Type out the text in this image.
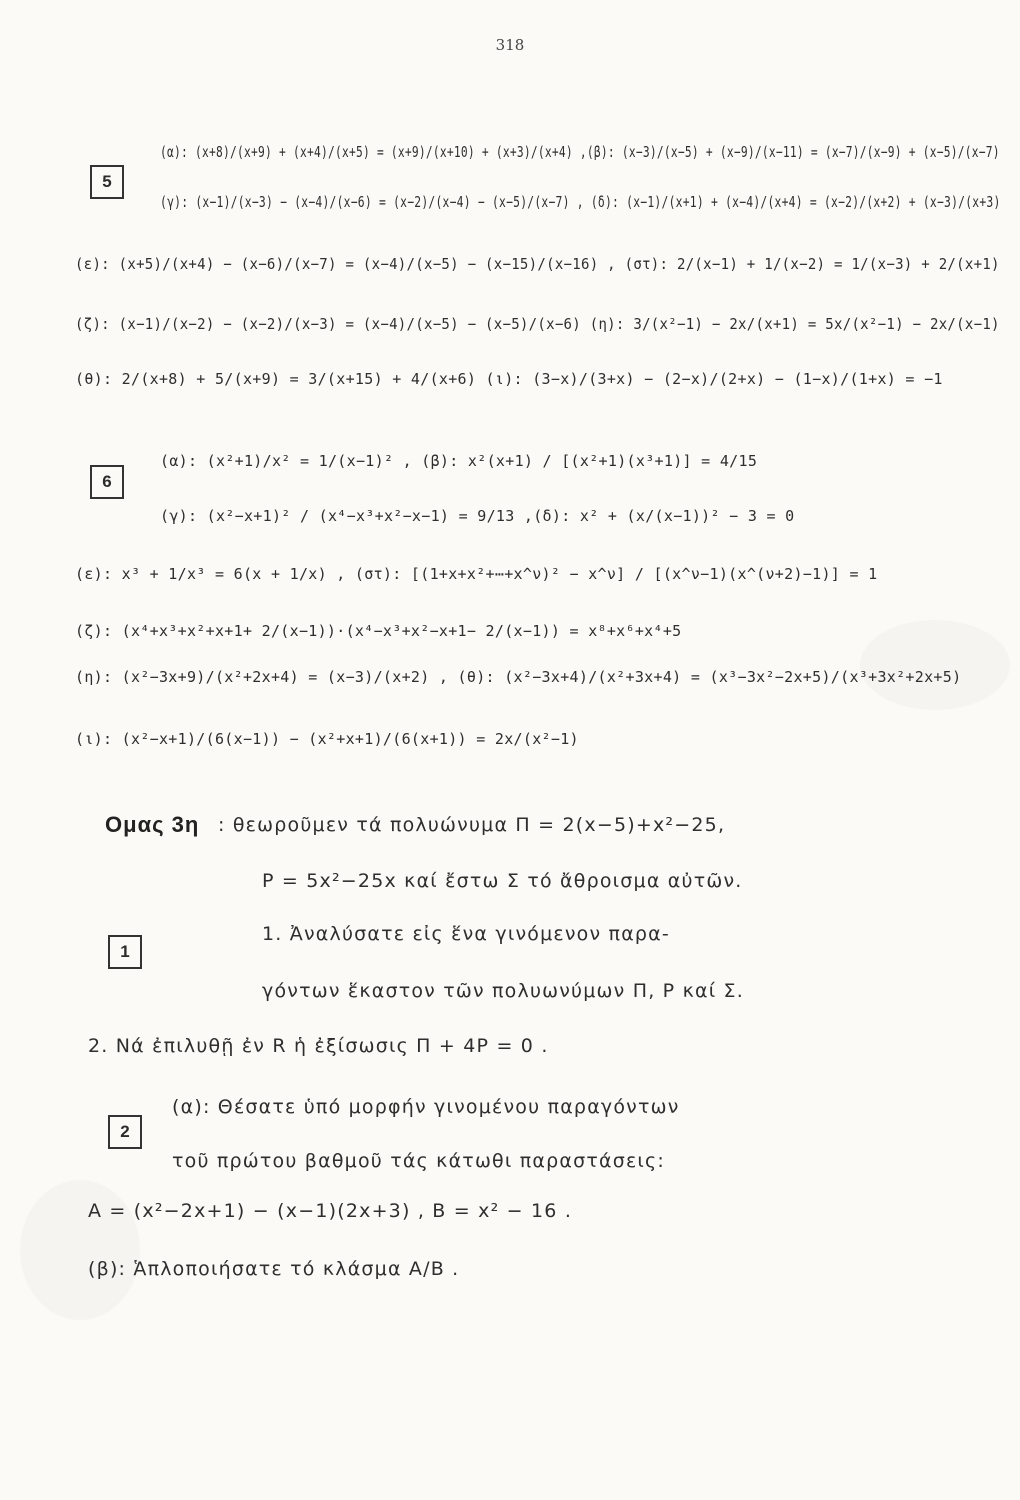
318
5
(α): (x+8)/(x+9) + (x+4)/(x+5) = (x+9)/(x+10) + (x+3)/(x+4) ,(β): (x−3)/(x−5) + (x−9)/(x−11) = (x−7)/(x−9) + (x−5)/(x−7)
(γ): (x−1)/(x−3) − (x−4)/(x−6) = (x−2)/(x−4) − (x−5)/(x−7) , (δ): (x−1)/(x+1) + (x−4)/(x+4) = (x−2)/(x+2) + (x−3)/(x+3)
(ε): (x+5)/(x+4) − (x−6)/(x−7) = (x−4)/(x−5) − (x−15)/(x−16) , (στ): 2/(x−1) + 1/(x−2) = 1/(x−3) + 2/(x+1)
(ζ): (x−1)/(x−2) − (x−2)/(x−3) = (x−4)/(x−5) − (x−5)/(x−6) (η): 3/(x²−1) − 2x/(x+1) = 5x/(x²−1) − 2x/(x−1)
(θ): 2/(x+8) + 5/(x+9) = 3/(x+15) + 4/(x+6) (ι): (3−x)/(3+x) − (2−x)/(2+x) − (1−x)/(1+x) = −1
6
(α): (x²+1)/x² = 1/(x−1)² , (β): x²(x+1) / [(x²+1)(x³+1)] = 4/15
(γ): (x²−x+1)² / (x⁴−x³+x²−x−1) = 9/13 ,(δ): x² + (x/(x−1))² − 3 = 0
(ε): x³ + 1/x³ = 6(x + 1/x) , (στ): [(1+x+x²+⋯+x^ν)² − x^ν] / [(x^ν−1)(x^(ν+2)−1)] = 1
(ζ): (x⁴+x³+x²+x+1+ 2/(x−1))·(x⁴−x³+x²−x+1− 2/(x−1)) = x⁸+x⁶+x⁴+5
(η): (x²−3x+9)/(x²+2x+4) = (x−3)/(x+2) , (θ): (x²−3x+4)/(x²+3x+4) = (x³−3x²−2x+5)/(x³+3x²+2x+5)
(ι): (x²−x+1)/(6(x−1)) − (x²+x+1)/(6(x+1)) = 2x/(x²−1)
Ομας 3η : θεωροῦμεν τά πολυώνυμα Π = 2(x−5)+x²−25,
P = 5x²−25x καί ἔστω Σ τό ἄθροισμα αὐτῶν.
1
1. Ἀναλύσατε εἰς ἕνα γινόμενον παρα-
γόντων ἕκαστον τῶν πολυωνύμων Π, P καί Σ.
2. Νά ἐπιλυθῇ ἐν R ἡ ἐξίσωσις Π + 4P = 0 .
2
(α): Θέσατε ὑπό μορφήν γινομένου παραγόντων
τοῦ πρώτου βαθμοῦ τάς κάτωθι παραστάσεις:
A = (x²−2x+1) − (x−1)(2x+3) , B = x² − 16 .
(β): Ἁπλοποιήσατε τό κλάσμα A/B .
